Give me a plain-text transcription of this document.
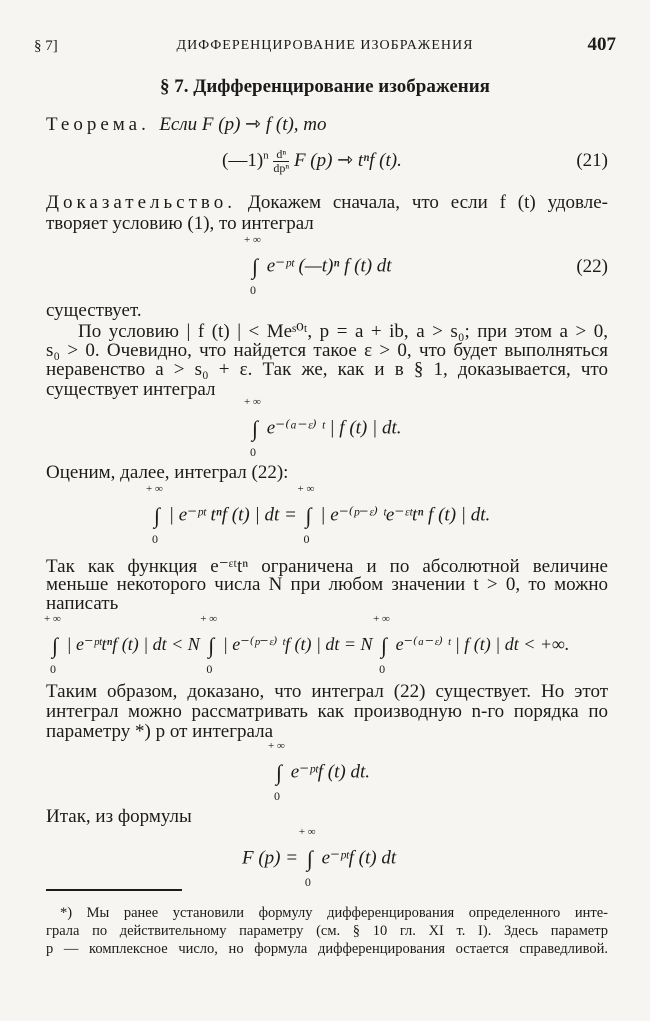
§ 7]	ДИФФЕРЕНЦИРОВАНИЕ ИЗОБРАЖЕНИЯ	407
§ 7. Дифференцирование изображения
Теорема. Если F (p) ⇾ f (t), то
(—1)$^n$ $\frac{\text{dⁿ}}{\text{dpⁿ}}$ F (p) ⇾ tⁿf (t).	(21)
Доказательство. Докажем сначала, что если f (t) удовле-
творяет условию (1), то интеграл
+ ∞
∫
0
e⁻ᵖᵗ (—t)ⁿ f (t) dt	(22)
существует.
По условию | f (t) | < Meˢ⁰ᵗ, p = a + ib, a > s₀; при этом a > 0,
s₀ > 0. Очевидно, что найдется такое ε > 0, что будет выполняться
неравенство a > s₀ + ε. Так же, как и в § 1, доказывается, что
существует интеграл
+ ∞
∫
0
e⁻⁽ᵃ⁻ᵋ⁾ ᵗ | f (t) | dt.
Оценим, далее, интеграл (22):
+ ∞
∫
0
| e⁻ᵖᵗ tⁿf (t) | dt =
+ ∞
∫
0
| e⁻⁽ᵖ⁻ᵋ⁾ ᵗe⁻ᵋᵗtⁿ f (t) | dt.
Так как функция e⁻ᵋᵗtⁿ ограничена и по абсолютной величине
меньше некоторого числа N при любом значении t > 0, то можно
написать
+ ∞
∫
0
| e⁻ᵖᵗtⁿf (t) | dt < N
+ ∞
∫
0
| e⁻⁽ᵖ⁻ᵋ⁾ ᵗf (t) | dt = N
+ ∞
∫
0
e⁻⁽ᵃ⁻ᵋ⁾ ᵗ | f (t) | dt < +∞.
Таким образом, доказано, что интеграл (22) существует. Но этот
интеграл можно рассматривать как производную n-го порядка по
параметру *) p от интеграла
+ ∞
∫
0
e⁻ᵖᵗf (t) dt.
Итак, из формулы
F (p) =
+ ∞
∫
0
e⁻ᵖᵗf (t) dt
*) Мы ранее установили формулу дифференцирования определенного инте-
грала по действительному параметру (см. § 10 гл. XI т. I). Здесь параметр
p — комплексное число, но формула дифференцирования остается справедливой.
